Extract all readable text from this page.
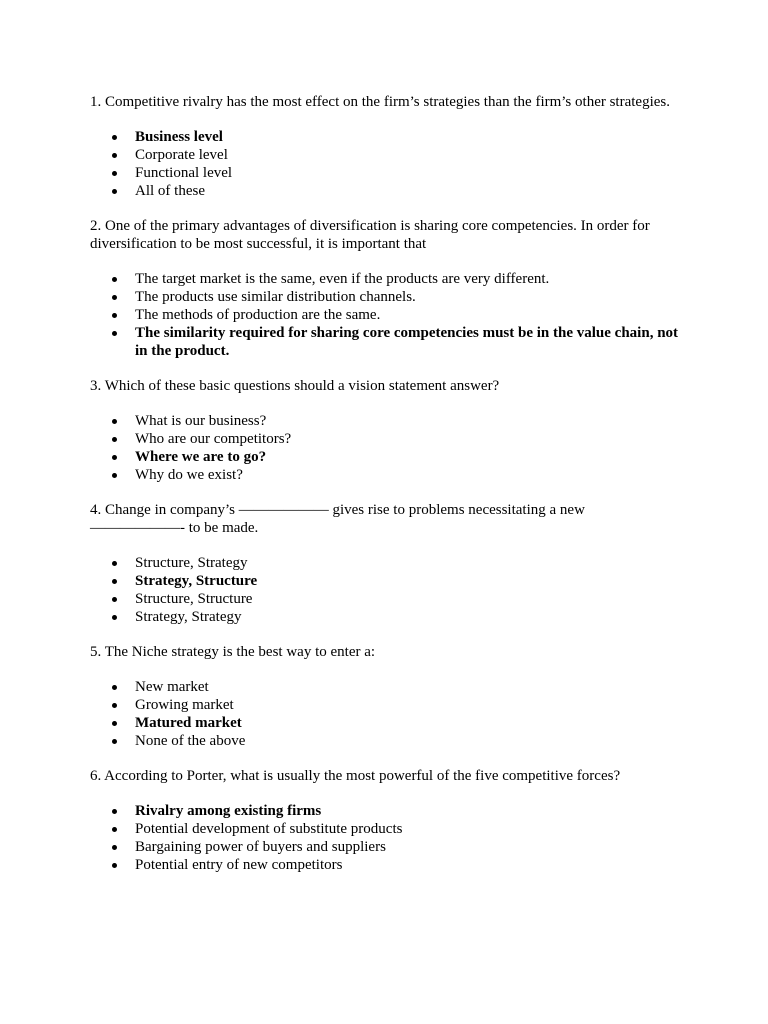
1. Competitive rivalry has the most effect on the firm’s strategies than the firm’s other strategies.

Business level
Corporate level
Functional level
All of these

2. One of the primary advantages of diversification is sharing core competencies. In order for diversification to be most successful, it is important that

The target market is the same, even if the products are very different.
The products use similar distribution channels.
The methods of production are the same.
The similarity required for sharing core competencies must be in the value chain, not in the product.

3. Which of these basic questions should a vision statement answer?

What is our business?
Who are our competitors?
Where we are to go?
Why do we exist?

4. Change in company’s —————— gives rise to problems necessitating a new ——————- to be made.

Structure, Strategy
Strategy, Structure
Structure, Structure
Strategy, Strategy

5. The Niche strategy is the best way to enter a:

New market
Growing market
Matured market
None of the above

6. According to Porter, what is usually the most powerful of the five competitive forces?

Rivalry among existing firms
Potential development of substitute products
Bargaining power of buyers and suppliers
Potential entry of new competitors
